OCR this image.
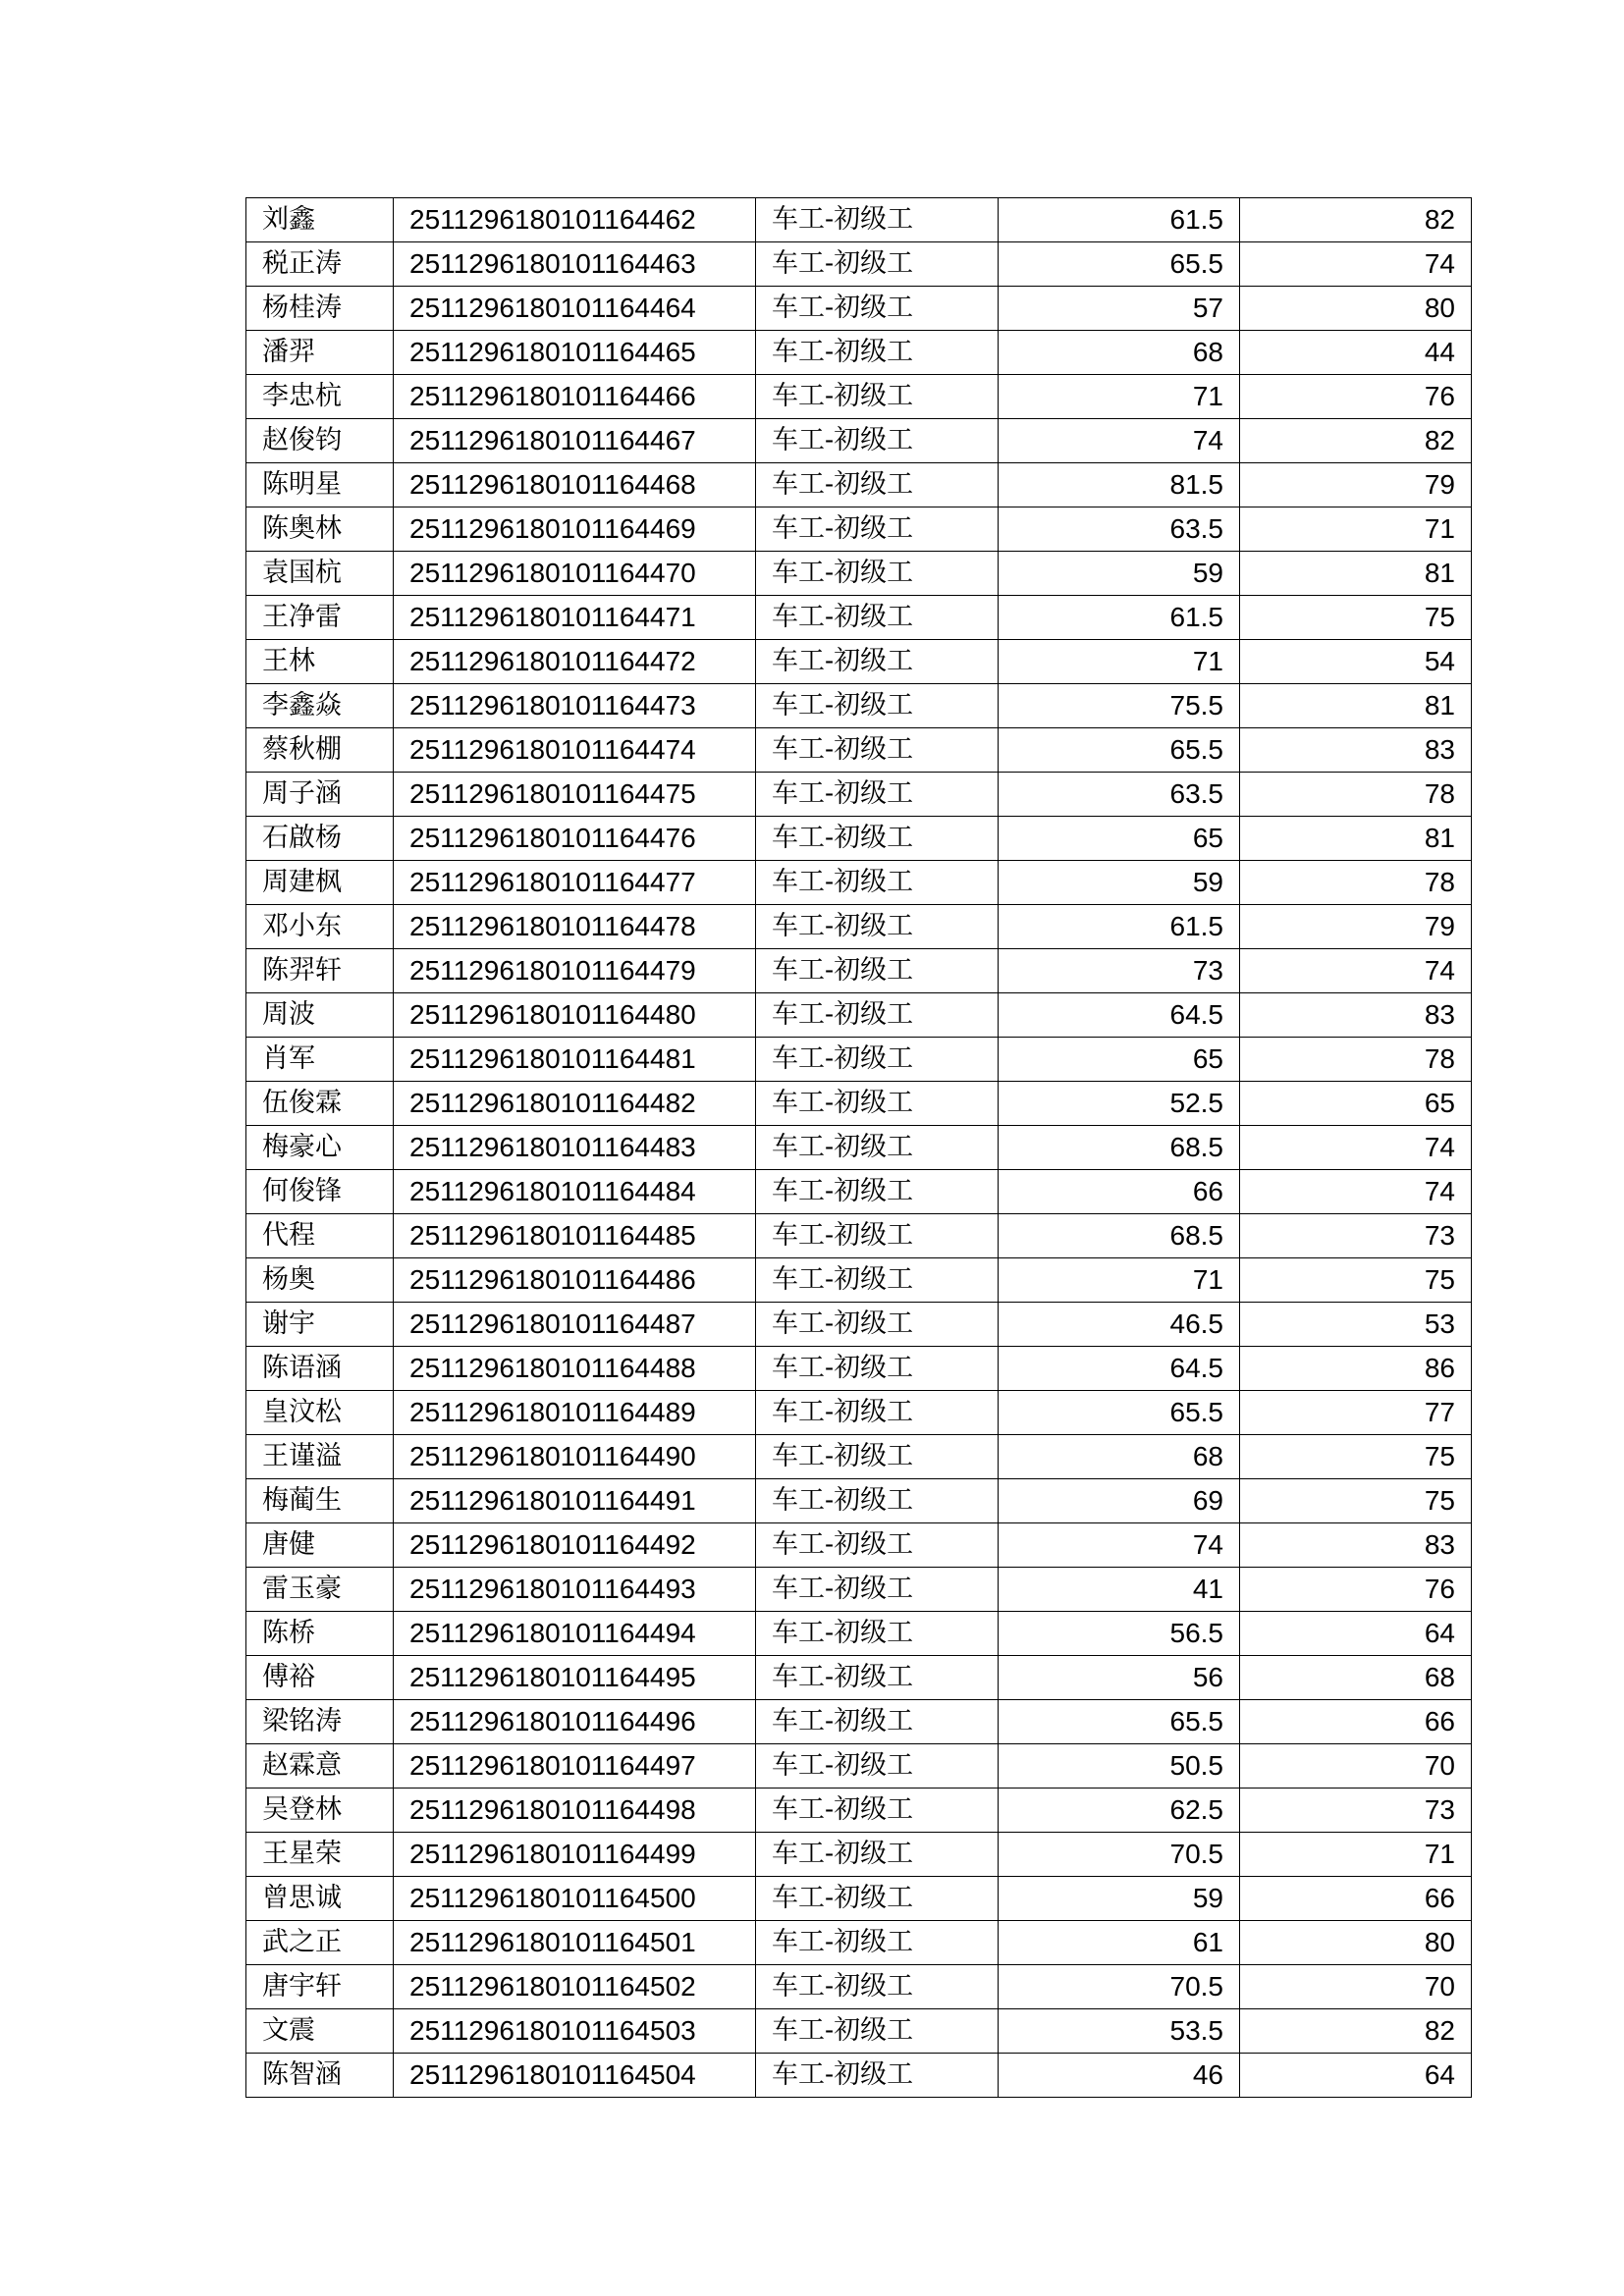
刘鑫	2511296180101164462	车工-初级工	61.5	82
税正涛	2511296180101164463	车工-初级工	65.5	74
杨桂涛	2511296180101164464	车工-初级工	57	80
潘羿	2511296180101164465	车工-初级工	68	44
李忠杭	2511296180101164466	车工-初级工	71	76
赵俊钧	2511296180101164467	车工-初级工	74	82
陈明星	2511296180101164468	车工-初级工	81.5	79
陈奥林	2511296180101164469	车工-初级工	63.5	71
袁国杭	2511296180101164470	车工-初级工	59	81
王净雷	2511296180101164471	车工-初级工	61.5	75
王林	2511296180101164472	车工-初级工	71	54
李鑫焱	2511296180101164473	车工-初级工	75.5	81
蔡秋棚	2511296180101164474	车工-初级工	65.5	83
周子涵	2511296180101164475	车工-初级工	63.5	78
石啟杨	2511296180101164476	车工-初级工	65	81
周建枫	2511296180101164477	车工-初级工	59	78
邓小东	2511296180101164478	车工-初级工	61.5	79
陈羿轩	2511296180101164479	车工-初级工	73	74
周波	2511296180101164480	车工-初级工	64.5	83
肖军	2511296180101164481	车工-初级工	65	78
伍俊霖	2511296180101164482	车工-初级工	52.5	65
梅豪心	2511296180101164483	车工-初级工	68.5	74
何俊锋	2511296180101164484	车工-初级工	66	74
代程	2511296180101164485	车工-初级工	68.5	73
杨奥	2511296180101164486	车工-初级工	71	75
谢宇	2511296180101164487	车工-初级工	46.5	53
陈语涵	2511296180101164488	车工-初级工	64.5	86
皇汶松	2511296180101164489	车工-初级工	65.5	77
王谨溢	2511296180101164490	车工-初级工	68	75
梅蔺生	2511296180101164491	车工-初级工	69	75
唐健	2511296180101164492	车工-初级工	74	83
雷玉豪	2511296180101164493	车工-初级工	41	76
陈桥	2511296180101164494	车工-初级工	56.5	64
傅裕	2511296180101164495	车工-初级工	56	68
梁铭涛	2511296180101164496	车工-初级工	65.5	66
赵霖意	2511296180101164497	车工-初级工	50.5	70
吴登林	2511296180101164498	车工-初级工	62.5	73
王星荣	2511296180101164499	车工-初级工	70.5	71
曾思诚	2511296180101164500	车工-初级工	59	66
武之正	2511296180101164501	车工-初级工	61	80
唐宇轩	2511296180101164502	车工-初级工	70.5	70
文震	2511296180101164503	车工-初级工	53.5	82
陈智涵	2511296180101164504	车工-初级工	46	64
